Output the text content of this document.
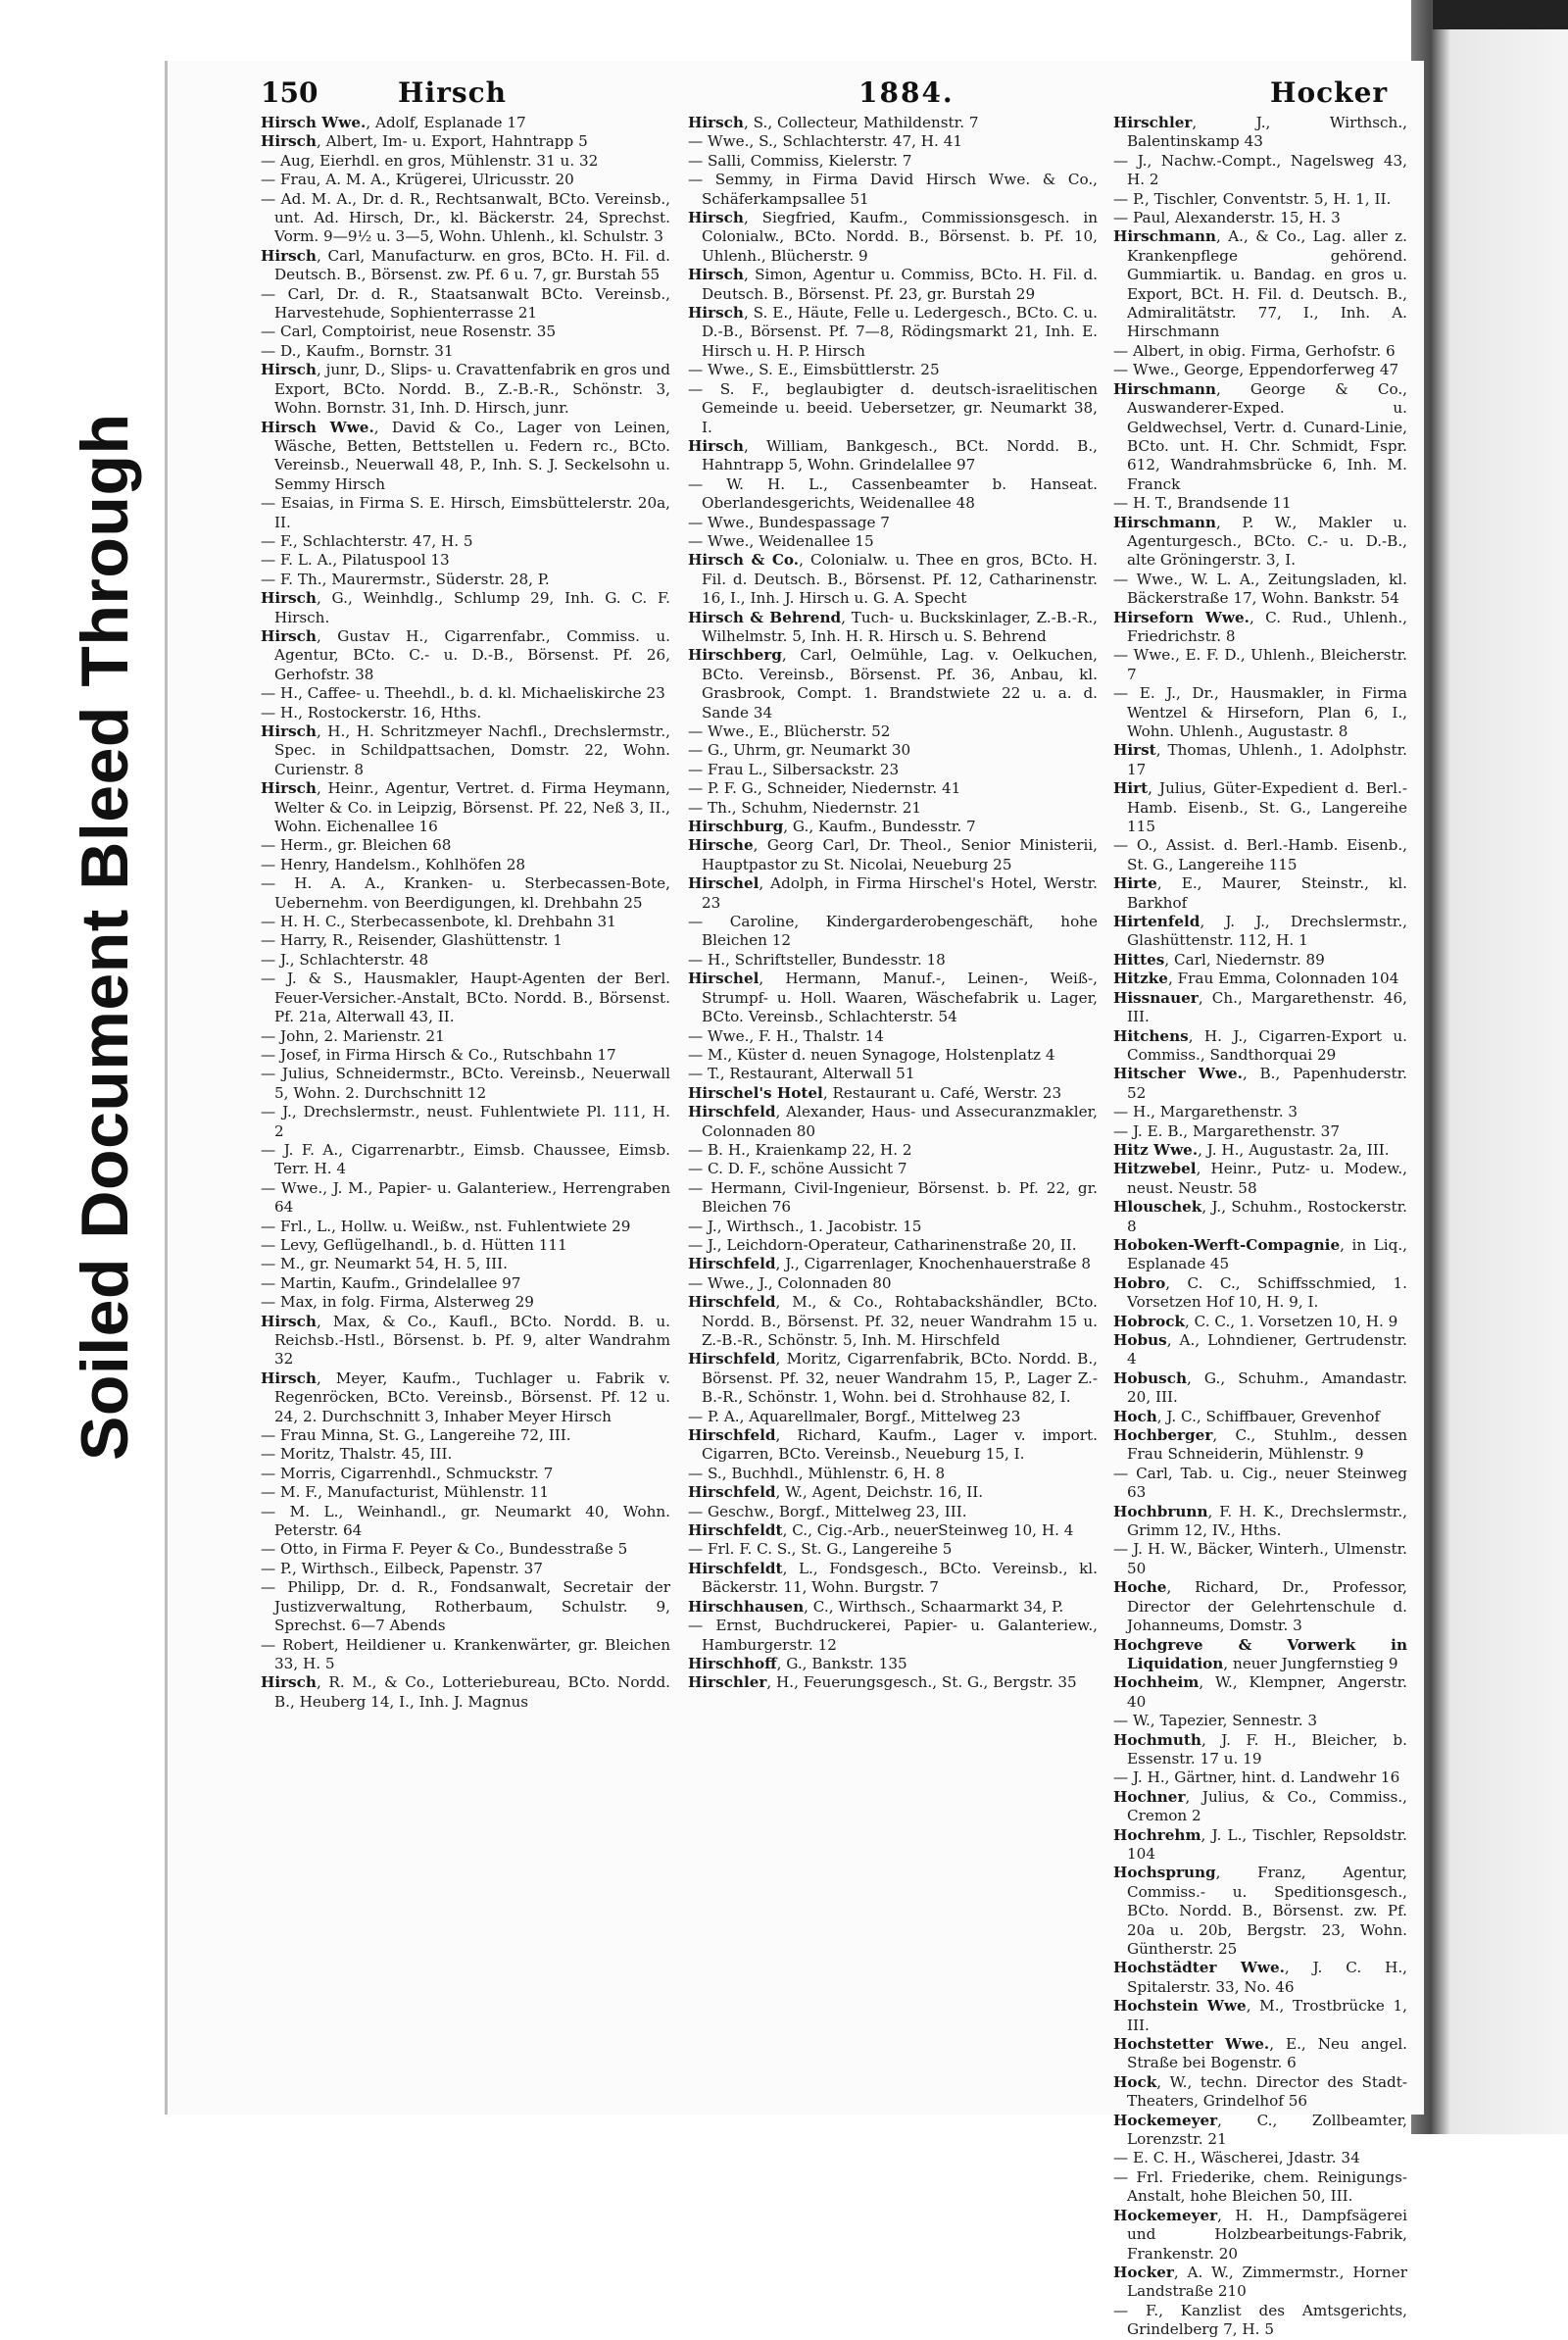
Soiled Document Bleed Through
150	Hirsch	1884.	Hocker

Hirsch Wwe., Adolf, Esplanade 17

Hirsch, Albert, Im- u. Export, Hahntrapp 5

— Aug, Eierhdl. en gros, Mühlenstr. 31 u. 32

— Frau, A. M. A., Krügerei, Ulricusstr. 20

— Ad. M. A., Dr. d. R., Rechtsanwalt, BCto. Vereinsb., unt. Ad. Hirsch, Dr., kl. Bäckerstr. 24, Sprechst. Vorm. 9—9½ u. 3—5, Wohn. Uhlenh., kl. Schulstr. 3

Hirsch, Carl, Manufacturw. en gros, BCto. H. Fil. d. Deutsch. B., Börsenst. zw. Pf. 6 u. 7, gr. Burstah 55

— Carl, Dr. d. R., Staatsanwalt BCto. Vereinsb., Harvestehude, Sophienterrasse 21

— Carl, Comptoirist, neue Rosenstr. 35

— D., Kaufm., Bornstr. 31

Hirsch, junr, D., Slips- u. Cravattenfabrik en gros und Export, BCto. Nordd. B., Z.-B.-R., Schönstr. 3, Wohn. Bornstr. 31, Inh. D. Hirsch, junr.

Hirsch Wwe., David & Co., Lager von Leinen, Wäsche, Betten, Bettstellen u. Federn rc., BCto. Vereinsb., Neuerwall 48, P., Inh. S. J. Seckelsohn u. Semmy Hirsch

— Esaias, in Firma S. E. Hirsch, Eimsbüttelerstr. 20a, II.

— F., Schlachterstr. 47, H. 5

— F. L. A., Pilatuspool 13

— F. Th., Maurermstr., Süderstr. 28, P.

Hirsch, G., Weinhdlg., Schlump 29, Inh. G. C. F. Hirsch.

Hirsch, Gustav H., Cigarrenfabr., Commiss. u. Agentur, BCto. C.- u. D.-B., Börsenst. Pf. 26, Gerhofstr. 38

— H., Caffee- u. Theehdl., b. d. kl. Michaeliskirche 23

— H., Rostockerstr. 16, Hths.

Hirsch, H., H. Schritzmeyer Nachfl., Drechslermstr., Spec. in Schildpattsachen, Domstr. 22, Wohn. Curienstr. 8

Hirsch, Heinr., Agentur, Vertret. d. Firma Heymann, Welter & Co. in Leipzig, Börsenst. Pf. 22, Neß 3, II., Wohn. Eichenallee 16

— Herm., gr. Bleichen 68

— Henry, Handelsm., Kohlhöfen 28

— H. A. A., Kranken- u. Sterbecassen-Bote, Uebernehm. von Beerdigungen, kl. Drehbahn 25

— H. H. C., Sterbecassenbote, kl. Drehbahn 31

— Harry, R., Reisender, Glashüttenstr. 1

— J., Schlachterstr. 48

— J. & S., Hausmakler, Haupt-Agenten der Berl. Feuer-Versicher.-Anstalt, BCto. Nordd. B., Börsenst. Pf. 21a, Alterwall 43, II.

— John, 2. Marienstr. 21

— Josef, in Firma Hirsch & Co., Rutschbahn 17

— Julius, Schneidermstr., BCto. Vereinsb., Neuerwall 5, Wohn. 2. Durchschnitt 12

— J., Drechslermstr., neust. Fuhlentwiete Pl. 111, H. 2

— J. F. A., Cigarrenarbtr., Eimsb. Chaussee, Eimsb. Terr. H. 4

— Wwe., J. M., Papier- u. Galanteriew., Herrengraben 64

— Frl., L., Hollw. u. Weißw., nst. Fuhlentwiete 29

— Levy, Geflügelhandl., b. d. Hütten 111

— M., gr. Neumarkt 54, H. 5, III.

— Martin, Kaufm., Grindelallee 97

— Max, in folg. Firma, Alsterweg 29

Hirsch, Max, & Co., Kaufl., BCto. Nordd. B. u. Reichsb.-Hstl., Börsenst. b. Pf. 9, alter Wandrahm 32

Hirsch, Meyer, Kaufm., Tuchlager u. Fabrik v. Regenröcken, BCto. Vereinsb., Börsenst. Pf. 12 u. 24, 2. Durchschnitt 3, Inhaber Meyer Hirsch

— Frau Minna, St. G., Langereihe 72, III.

— Moritz, Thalstr. 45, III.

— Morris, Cigarrenhdl., Schmuckstr. 7

— M. F., Manufacturist, Mühlenstr. 11

— M. L., Weinhandl., gr. Neumarkt 40, Wohn. Peterstr. 64

— Otto, in Firma F. Peyer & Co., Bundesstraße 5

— P., Wirthsch., Eilbeck, Papenstr. 37

— Philipp, Dr. d. R., Fondsanwalt, Secretair der Justizverwaltung, Rotherbaum, Schulstr. 9, Sprechst. 6—7 Abends

— Robert, Heildiener u. Krankenwärter, gr. Bleichen 33, H. 5

Hirsch, R. M., & Co., Lotteriebureau, BCto. Nordd. B., Heuberg 14, I., Inh. J. Magnus

Hirsch, S., Collecteur, Mathildenstr. 7

— Wwe., S., Schlachterstr. 47, H. 41

— Salli, Commiss, Kielerstr. 7

— Semmy, in Firma David Hirsch Wwe. & Co., Schäferkampsallee 51

Hirsch, Siegfried, Kaufm., Commissionsgesch. in Colonialw., BCto. Nordd. B., Börsenst. b. Pf. 10, Uhlenh., Blücherstr. 9

Hirsch, Simon, Agentur u. Commiss, BCto. H. Fil. d. Deutsch. B., Börsenst. Pf. 23, gr. Burstah 29

Hirsch, S. E., Häute, Felle u. Ledergesch., BCto. C. u. D.-B., Börsenst. Pf. 7—8, Rödingsmarkt 21, Inh. E. Hirsch u. H. P. Hirsch

— Wwe., S. E., Eimsbüttlerstr. 25

— S. F., beglaubigter d. deutsch-israelitischen Gemeinde u. beeid. Uebersetzer, gr. Neumarkt 38, I.

Hirsch, William, Bankgesch., BCt. Nordd. B., Hahntrapp 5, Wohn. Grindelallee 97

— W. H. L., Cassenbeamter b. Hanseat. Oberlandesgerichts, Weidenallee 48

— Wwe., Bundespassage 7

— Wwe., Weidenallee 15

Hirsch & Co., Colonialw. u. Thee en gros, BCto. H. Fil. d. Deutsch. B., Börsenst. Pf. 12, Catharinenstr. 16, I., Inh. J. Hirsch u. G. A. Specht

Hirsch & Behrend, Tuch- u. Buckskinlager, Z.-B.-R., Wilhelmstr. 5, Inh. H. R. Hirsch u. S. Behrend

Hirschberg, Carl, Oelmühle, Lag. v. Oelkuchen, BCto. Vereinsb., Börsenst. Pf. 36, Anbau, kl. Grasbrook, Compt. 1. Brandstwiete 22 u. a. d. Sande 34

— Wwe., E., Blücherstr. 52

— G., Uhrm, gr. Neumarkt 30

— Frau L., Silbersackstr. 23

— P. F. G., Schneider, Niedernstr. 41

— Th., Schuhm, Niedernstr. 21

Hirschburg, G., Kaufm., Bundesstr. 7

Hirsche, Georg Carl, Dr. Theol., Senior Ministerii, Hauptpastor zu St. Nicolai, Neueburg 25

Hirschel, Adolph, in Firma Hirschel's Hotel, Werstr. 23

— Caroline, Kindergarderobengeschäft, hohe Bleichen 12

— H., Schriftsteller, Bundesstr. 18

Hirschel, Hermann, Manuf.-, Leinen-, Weiß-, Strumpf- u. Holl. Waaren, Wäschefabrik u. Lager, BCto. Vereinsb., Schlachterstr. 54

— Wwe., F. H., Thalstr. 14

— M., Küster d. neuen Synagoge, Holstenplatz 4

— T., Restaurant, Alterwall 51

Hirschel's Hotel, Restaurant u. Café, Werstr. 23

Hirschfeld, Alexander, Haus- und Assecuranzmakler, Colonnaden 80

— B. H., Kraienkamp 22, H. 2

— C. D. F., schöne Aussicht 7

— Hermann, Civil-Ingenieur, Börsenst. b. Pf. 22, gr. Bleichen 76

— J., Wirthsch., 1. Jacobistr. 15

— J., Leichdorn-Operateur, Catharinenstraße 20, II.

Hirschfeld, J., Cigarrenlager, Knochenhauerstraße 8

— Wwe., J., Colonnaden 80

Hirschfeld, M., & Co., Rohtabackshändler, BCto. Nordd. B., Börsenst. Pf. 32, neuer Wandrahm 15 u. Z.-B.-R., Schönstr. 5, Inh. M. Hirschfeld

Hirschfeld, Moritz, Cigarrenfabrik, BCto. Nordd. B., Börsenst. Pf. 32, neuer Wandrahm 15, P., Lager Z.-B.-R., Schönstr. 1, Wohn. bei d. Strohhause 82, I.

— P. A., Aquarellmaler, Borgf., Mittelweg 23

Hirschfeld, Richard, Kaufm., Lager v. import. Cigarren, BCto. Vereinsb., Neueburg 15, I.

— S., Buchhdl., Mühlenstr. 6, H. 8

Hirschfeld, W., Agent, Deichstr. 16, II.

— Geschw., Borgf., Mittelweg 23, III.

Hirschfeldt, C., Cig.-Arb., neuerSteinweg 10, H. 4

— Frl. F. C. S., St. G., Langereihe 5

Hirschfeldt, L., Fondsgesch., BCto. Vereinsb., kl. Bäckerstr. 11, Wohn. Burgstr. 7

Hirschhausen, C., Wirthsch., Schaarmarkt 34, P.

— Ernst, Buchdruckerei, Papier- u. Galanteriew., Hamburgerstr. 12

Hirschhoff, G., Bankstr. 135

Hirschler, H., Feuerungsgesch., St. G., Bergstr. 35

Hirschler, J., Wirthsch., Balentinskamp 43

— J., Nachw.-Compt., Nagelsweg 43, H. 2

— P., Tischler, Conventstr. 5, H. 1, II.

— Paul, Alexanderstr. 15, H. 3

Hirschmann, A., & Co., Lag. aller z. Krankenpflege gehörend. Gummiartik. u. Bandag. en gros u. Export, BCt. H. Fil. d. Deutsch. B., Admiralitätstr. 77, I., Inh. A. Hirschmann

— Albert, in obig. Firma, Gerhofstr. 6

— Wwe., George, Eppendorferweg 47

Hirschmann, George & Co., Auswanderer-Exped. u. Geldwechsel, Vertr. d. Cunard-Linie, BCto. unt. H. Chr. Schmidt, Fspr. 612, Wandrahmsbrücke 6, Inh. M. Franck

— H. T., Brandsende 11

Hirschmann, P. W., Makler u. Agenturgesch., BCto. C.- u. D.-B., alte Gröningerstr. 3, I.

— Wwe., W. L. A., Zeitungsladen, kl. Bäckerstraße 17, Wohn. Bankstr. 54

Hirseforn Wwe., C. Rud., Uhlenh., Friedrichstr. 8

— Wwe., E. F. D., Uhlenh., Bleicherstr. 7

— E. J., Dr., Hausmakler, in Firma Wentzel & Hirseforn, Plan 6, I., Wohn. Uhlenh., Augustastr. 8

Hirst, Thomas, Uhlenh., 1. Adolphstr. 17

Hirt, Julius, Güter-Expedient d. Berl.-Hamb. Eisenb., St. G., Langereihe 115

— O., Assist. d. Berl.-Hamb. Eisenb., St. G., Langereihe 115

Hirte, E., Maurer, Steinstr., kl. Barkhof

Hirtenfeld, J. J., Drechslermstr., Glashüttenstr. 112, H. 1

Hittes, Carl, Niedernstr. 89

Hitzke, Frau Emma, Colonnaden 104

Hissnauer, Ch., Margarethenstr. 46, III.

Hitchens, H. J., Cigarren-Export u. Commiss., Sandthorquai 29

Hitscher Wwe., B., Papenhuderstr. 52

— H., Margarethenstr. 3

— J. E. B., Margarethenstr. 37

Hitz Wwe., J. H., Augustastr. 2a, III.

Hitzwebel, Heinr., Putz- u. Modew., neust. Neustr. 58

Hlouschek, J., Schuhm., Rostockerstr. 8

Hoboken-Werft-Compagnie, in Liq., Esplanade 45

Hobro, C. C., Schiffsschmied, 1. Vorsetzen Hof 10, H. 9, I.

Hobrock, C. C., 1. Vorsetzen 10, H. 9

Hobus, A., Lohndiener, Gertrudenstr. 4

Hobusch, G., Schuhm., Amandastr. 20, III.

Hoch, J. C., Schiffbauer, Grevenhof

Hochberger, C., Stuhlm., dessen Frau Schneiderin, Mühlenstr. 9

— Carl, Tab. u. Cig., neuer Steinweg 63

Hochbrunn, F. H. K., Drechslermstr., Grimm 12, IV., Hths.

— J. H. W., Bäcker, Winterh., Ulmenstr. 50

Hoche, Richard, Dr., Professor, Director der Gelehrtenschule d. Johanneums, Domstr. 3

Hochgreve & Vorwerk in Liquidation, neuer Jungfernstieg 9

Hochheim, W., Klempner, Angerstr. 40

— W., Tapezier, Sennestr. 3

Hochmuth, J. F. H., Bleicher, b. Essenstr. 17 u. 19

— J. H., Gärtner, hint. d. Landwehr 16

Hochner, Julius, & Co., Commiss., Cremon 2

Hochrehm, J. L., Tischler, Repsoldstr. 104

Hochsprung, Franz, Agentur, Commiss.- u. Speditionsgesch., BCto. Nordd. B., Börsenst. zw. Pf. 20a u. 20b, Bergstr. 23, Wohn. Güntherstr. 25

Hochstädter Wwe., J. C. H., Spitalerstr. 33, No. 46

Hochstein Wwe, M., Trostbrücke 1, III.

Hochstetter Wwe., E., Neu angel. Straße bei Bogenstr. 6

Hock, W., techn. Director des Stadt-Theaters, Grindelhof 56

Hockemeyer, C., Zollbeamter, Lorenzstr. 21

— E. C. H., Wäscherei, Jdastr. 34

— Frl. Friederike, chem. Reinigungs-Anstalt, hohe Bleichen 50, III.

Hockemeyer, H. H., Dampfsägerei und Holzbearbeitungs-Fabrik, Frankenstr. 20

Hocker, A. W., Zimmermstr., Horner Landstraße 210

— F., Kanzlist des Amtsgerichts, Grindelberg 7, H. 5
